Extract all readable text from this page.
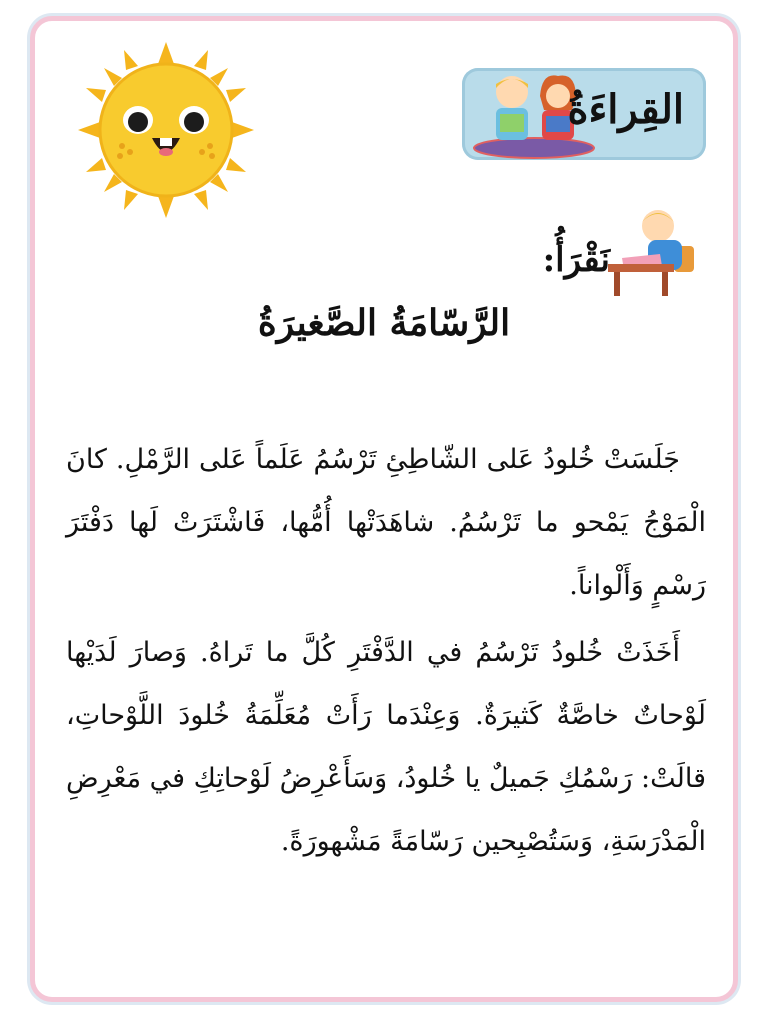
القِراءَةُ
نَقْرَأُ:
الرَّسّامَةُ الصَّغيرَةُ

جَلَسَتْ خُلودُ عَلى الشّاطِئِ تَرْسُمُ عَلَماً عَلى الرَّمْلِ. كانَ الْمَوْجُ يَمْحو ما تَرْسُمُ. شاهَدَتْها أُمُّها، فَاشْتَرَتْ لَها دَفْتَرَ رَسْمٍ وَأَلْواناً.

أَخَذَتْ خُلودُ تَرْسُمُ في الدَّفْتَرِ كُلَّ ما تَراهُ. وَصارَ لَدَيْها لَوْحاتٌ خاصَّةٌ كَثيرَةٌ. وَعِنْدَما رَأَتْ مُعَلِّمَةُ خُلودَ اللَّوْحاتِ، قالَتْ: رَسْمُكِ جَميلٌ يا خُلودُ، وَسَأَعْرِضُ لَوْحاتِكِ في مَعْرِضِ الْمَدْرَسَةِ، وَسَتُصْبِحين رَسّامَةً مَشْهورَةً.
